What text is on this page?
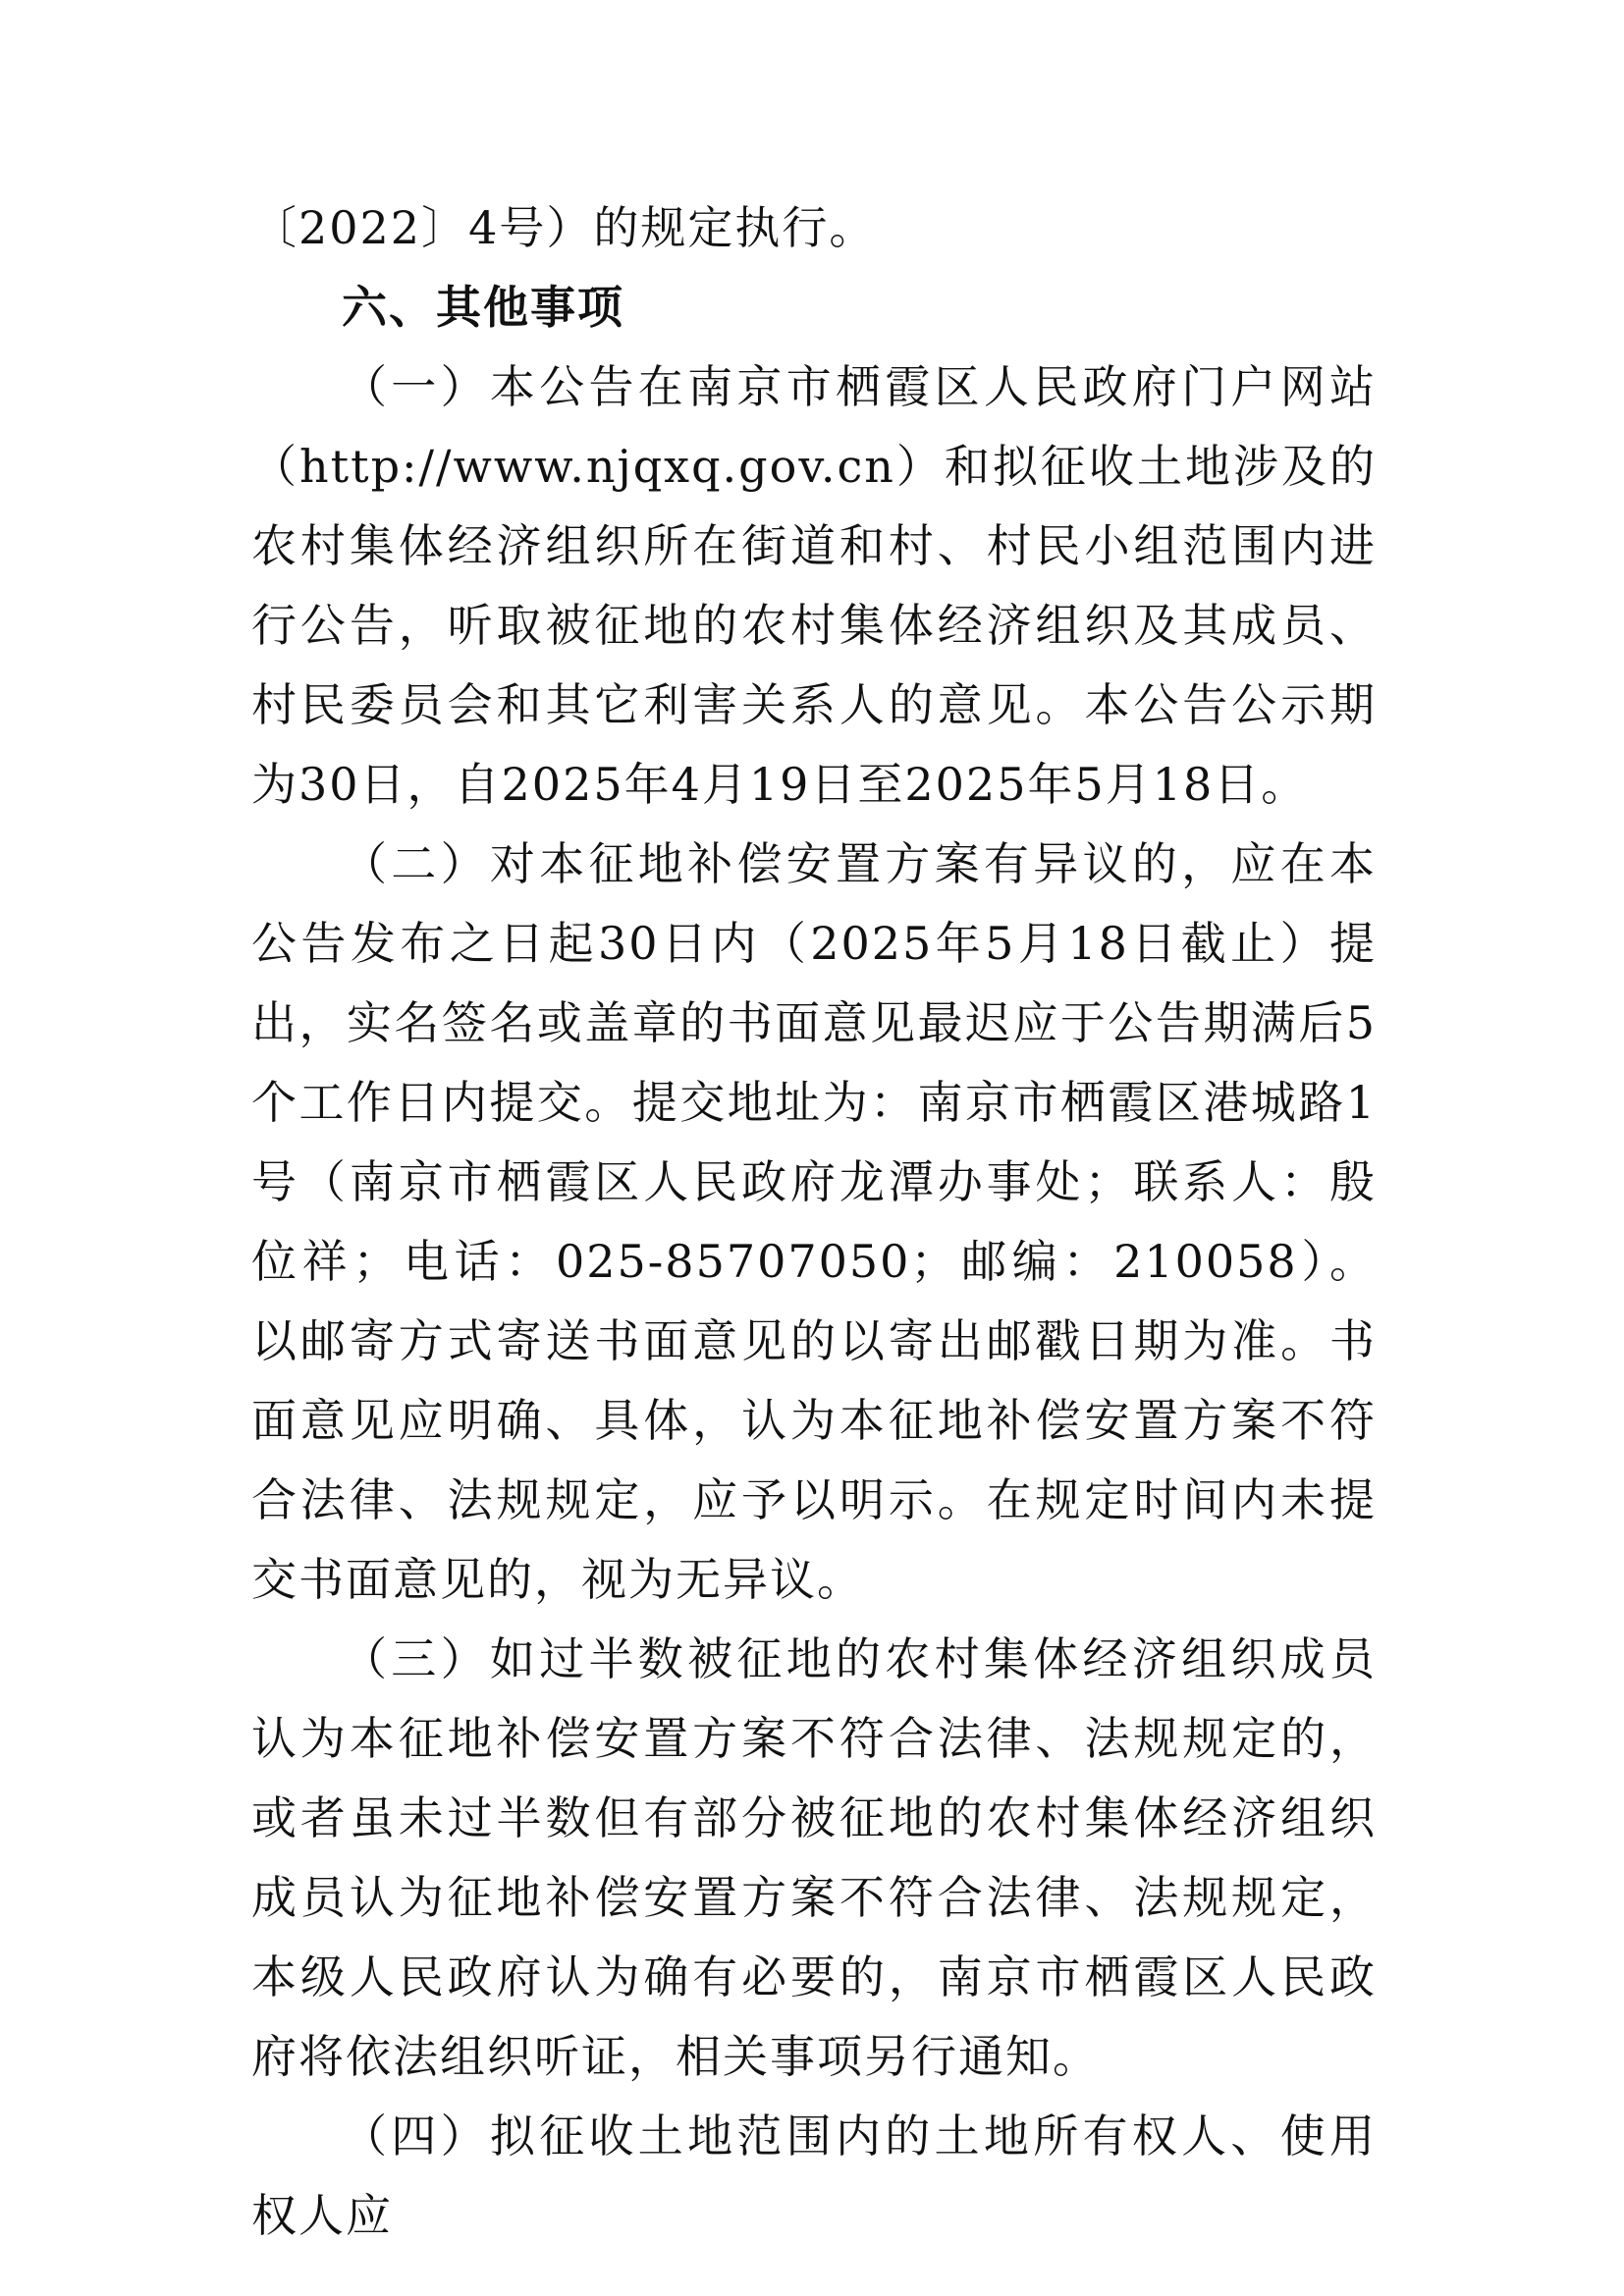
〔2022〕4号）的规定执行。

六、其他事项

（一）本公告在南京市栖霞区人民政府门户网站（http://www.njqxq.gov.cn）和拟征收土地涉及的农村集体经济组织所在街道和村、村民小组范围内进行公告，听取被征地的农村集体经济组织及其成员、村民委员会和其它利害关系人的意见。本公告公示期为30日，自2025年4月19日至2025年5月18日。

（二）对本征地补偿安置方案有异议的，应在本公告发布之日起30日内（2025年5月18日截止）提出，实名签名或盖章的书面意见最迟应于公告期满后5个工作日内提交。提交地址为：南京市栖霞区港城路1号（南京市栖霞区人民政府龙潭办事处；联系人：殷位祥；电话：025-85707050；邮编：210058）。以邮寄方式寄送书面意见的以寄出邮戳日期为准。书面意见应明确、具体，认为本征地补偿安置方案不符合法律、法规规定，应予以明示。在规定时间内未提交书面意见的，视为无异议。

（三）如过半数被征地的农村集体经济组织成员认为本征地补偿安置方案不符合法律、法规规定的，或者虽未过半数但有部分被征地的农村集体经济组织成员认为征地补偿安置方案不符合法律、法规规定，本级人民政府认为确有必要的，南京市栖霞区人民政府将依法组织听证，相关事项另行通知。

（四）拟征收土地范围内的土地所有权人、使用权人应
